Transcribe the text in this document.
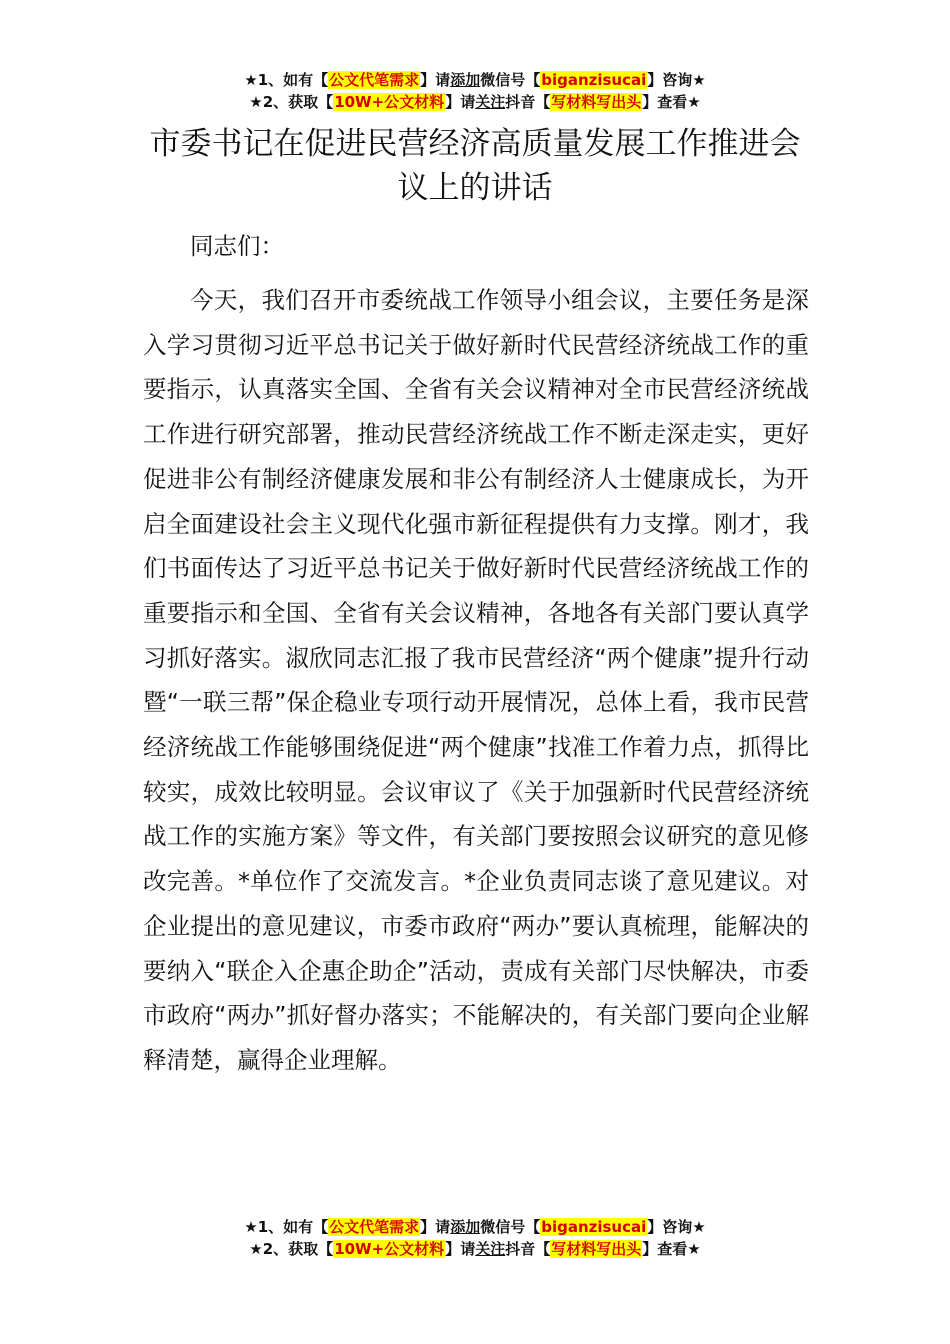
★1、如有【公文代笔需求】请添加微信号【biganzisucai】咨询★
★2、获取【10W+公文材料】请关注抖音【写材料写出头】查看★
市委书记在促进民营经济高质量发展工作推进会议上的讲话
同志们：
今天，我们召开市委统战工作领导小组会议，主要任务是深入学习贯彻习近平总书记关于做好新时代民营经济统战工作的重要指示，认真落实全国、全省有关会议精神对全市民营经济统战工作进行研究部署，推动民营经济统战工作不断走深走实，更好促进非公有制经济健康发展和非公有制经济人士健康成长，为开启全面建设社会主义现代化强市新征程提供有力支撑。刚才，我们书面传达了习近平总书记关于做好新时代民营经济统战工作的重要指示和全国、全省有关会议精神，各地各有关部门要认真学习抓好落实。淑欣同志汇报了我市民营经济“两个健康”提升行动暨“一联三帮”保企稳业专项行动开展情况，总体上看，我市民营经济统战工作能够围绕促进“两个健康”找准工作着力点，抓得比较实，成效比较明显。会议审议了《关于加强新时代民营经济统战工作的实施方案》等文件，有关部门要按照会议研究的意见修改完善。*单位作了交流发言。*企业负责同志谈了意见建议。对企业提出的意见建议，市委市政府“两办”要认真梳理，能解决的要纳入“联企入企惠企助企”活动，责成有关部门尽快解决，市委市政府“两办”抓好督办落实；不能解决的，有关部门要向企业解释清楚，赢得企业理解。
★1、如有【公文代笔需求】请添加微信号【biganzisucai】咨询★
★2、获取【10W+公文材料】请关注抖音【写材料写出头】查看★
